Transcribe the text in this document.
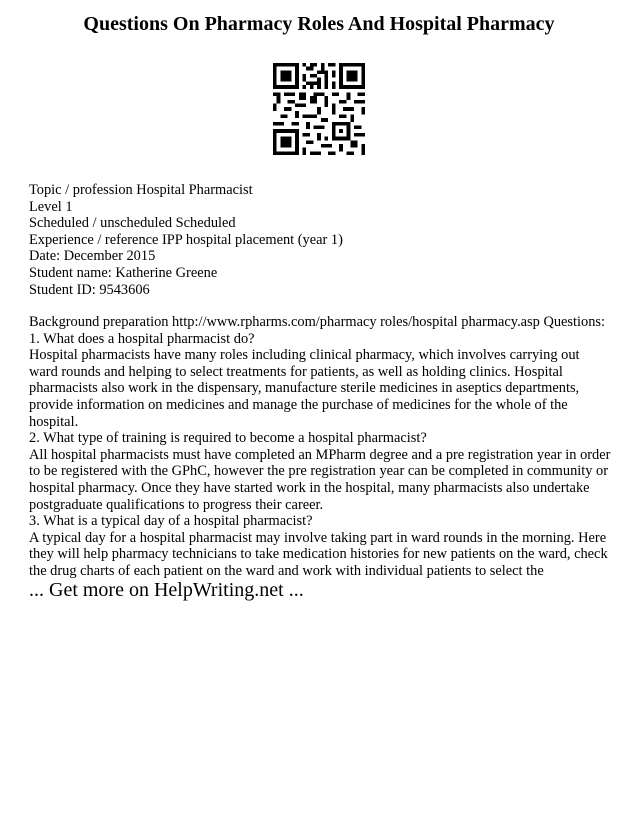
Questions On Pharmacy Roles And Hospital Pharmacy
Topic / profession Hospital Pharmacist
Level 1
Scheduled / unscheduled Scheduled
Experience / reference IPP hospital placement (year 1)
Date: December 2015
Student name: Katherine Greene
Student ID: 9543606

Background preparation http://www.rpharms.com/pharmacy roles/hospital pharmacy.asp Questions:

1. What does a hospital pharmacist do?

Hospital pharmacists have many roles including clinical pharmacy, which involves carrying out ward rounds and helping to select treatments for patients, as well as holding clinics. Hospital pharmacists also work in the dispensary, manufacture sterile medicines in aseptics departments, provide information on medicines and manage the purchase of medicines for the whole of the hospital.

2. What type of training is required to become a hospital pharmacist?

All hospital pharmacists must have completed an MPharm degree and a pre registration year in order to be registered with the GPhC, however the pre registration year can be completed in community or hospital pharmacy. Once they have started work in the hospital, many pharmacists also undertake postgraduate qualifications to progress their career.

3. What is a typical day of a hospital pharmacist?

A typical day for a hospital pharmacist may involve taking part in ward rounds in the morning. Here they will help pharmacy technicians to take medication histories for new patients on the ward, check the drug charts of each patient on the ward and work with individual patients to select the

... Get more on HelpWriting.net ...
